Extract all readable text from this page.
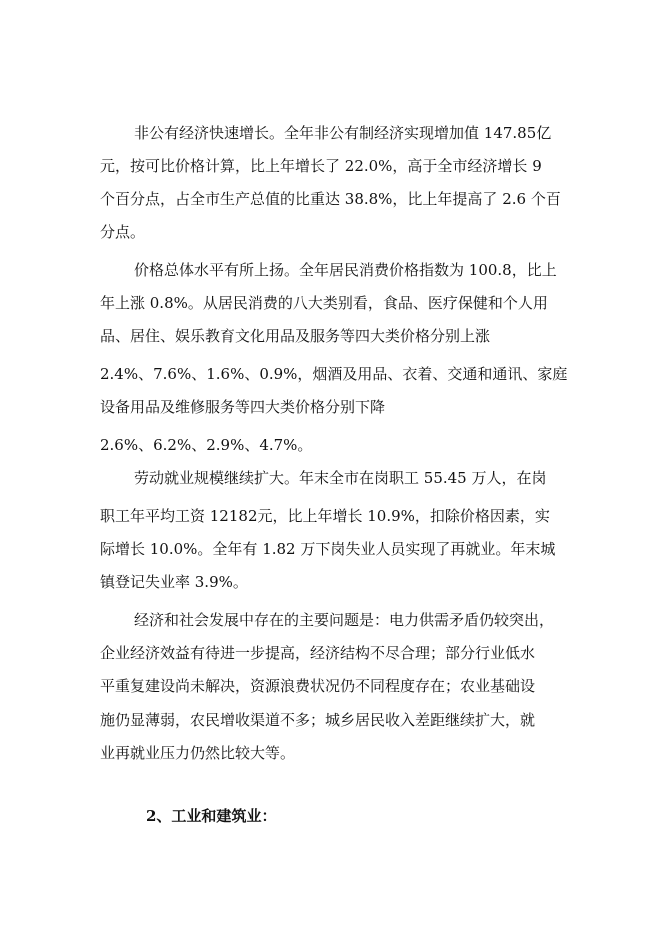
非公有经济快速增长。全年非公有制经济实现增加值 147.85亿
元，按可比价格计算，比上年增长了 22.0%，高于全市经济增长 9
个百分点，占全市生产总值的比重达 38.8%，比上年提高了 2.6 个百
分点。
价格总体水平有所上扬。全年居民消费价格指数为 100.8，比上
年上涨 0.8%。从居民消费的八大类别看，食品、医疗保健和个人用
品、居住、娱乐教育文化用品及服务等四大类价格分别上涨
2.4%、7.6%、1.6%、0.9%，烟酒及用品、衣着、交通和通讯、家庭
设备用品及维修服务等四大类价格分别下降
2.6%、6.2%、2.9%、4.7%。
劳动就业规模继续扩大。年末全市在岗职工 55.45 万人，在岗
职工年平均工资 12182元，比上年增长 10.9%，扣除价格因素，实
际增长 10.0%。全年有 1.82 万下岗失业人员实现了再就业。年末城
镇登记失业率 3.9%。
经济和社会发展中存在的主要问题是：电力供需矛盾仍较突出，
企业经济效益有待进一步提高，经济结构不尽合理；部分行业低水
平重复建设尚未解决，资源浪费状况仍不同程度存在；农业基础设
施仍显薄弱，农民增收渠道不多；城乡居民收入差距继续扩大，就
业再就业压力仍然比较大等。
2、工业和建筑业：
